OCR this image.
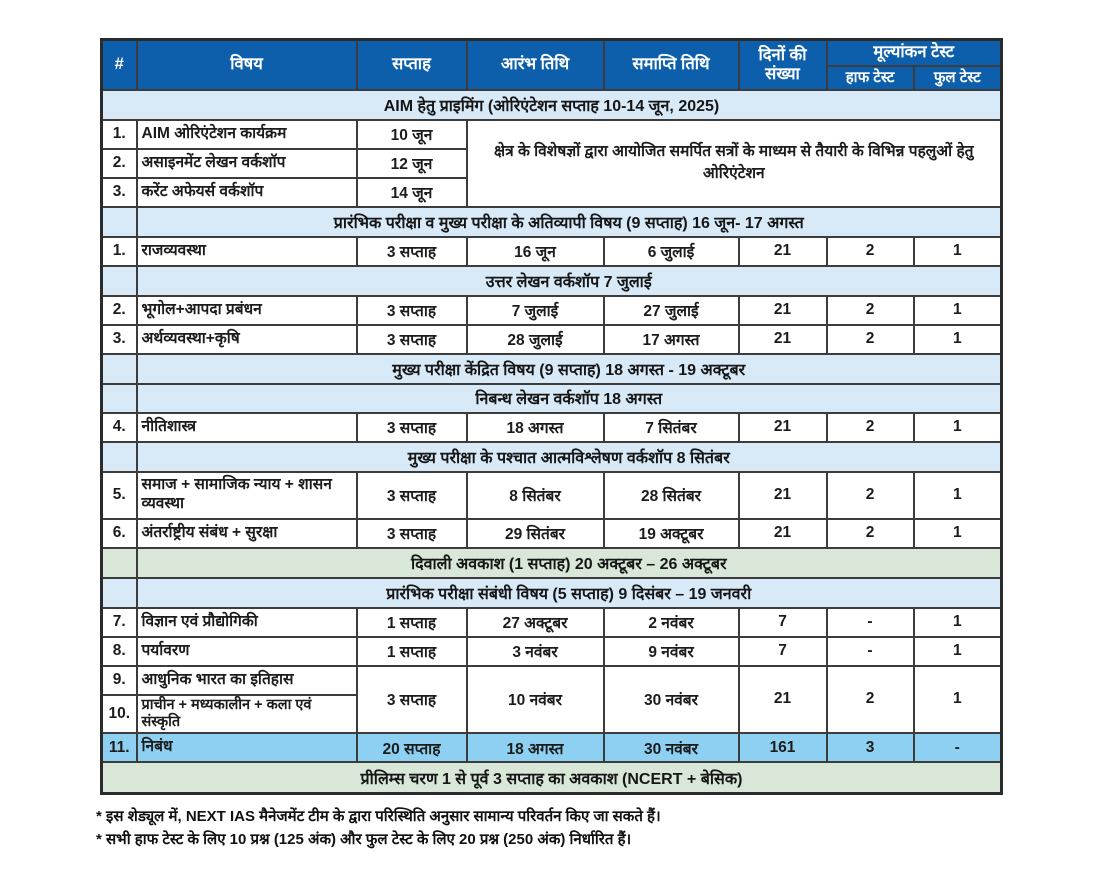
#	विषय	सप्ताह	आरंभ तिथि	समाप्ति तिथि	दिनों की संख्या	मूल्यांकन टेस्ट	
						हाफ टेस्ट	फुल टेस्ट
AIM हेतु प्राइमिंग (ओरिएंटेशन सप्ताह 10-14 जून, 2025)							
1.	AIM ओरिएंटेशन कार्यक्रम	10 जून	क्षेत्र के विशेषज्ञों द्वारा आयोजित समर्पित सत्रों के माध्यम से तैयारी के विभिन्न पहलुओं हेतु ओरिएंटेशन				
2.	असाइनमेंट लेखन वर्कशॉप	12 जून					
3.	करेंट अफेयर्स वर्कशॉप	14 जून					
	प्रारंभिक परीक्षा व मुख्य परीक्षा के अतिव्यापी विषय (9 सप्ताह) 16 जून- 17 अगस्त						
1.	राजव्यवस्था	3 सप्ताह	16 जून	6 जुलाई	21	2	1
	उत्तर लेखन वर्कशॉप 7 जुलाई						
2.	भूगोल+आपदा प्रबंधन	3 सप्ताह	7 जुलाई	27 जुलाई	21	2	1
3.	अर्थव्यवस्था+कृषि	3 सप्ताह	28 जुलाई	17 अगस्त	21	2	1
	मुख्य परीक्षा केंद्रित विषय (9 सप्ताह) 18 अगस्त - 19 अक्टूबर						
	निबन्ध लेखन वर्कशॉप 18 अगस्त						
4.	नीतिशास्त्र	3 सप्ताह	18 अगस्त	7 सितंबर	21	2	1
	मुख्य परीक्षा के पश्चात आत्मविश्लेषण वर्कशॉप 8 सितंबर						
5.	समाज + सामाजिक न्याय + शासन व्यवस्था	3 सप्ताह	8 सितंबर	28 सितंबर	21	2	1
6.	अंतर्राष्ट्रीय संबंध + सुरक्षा	3 सप्ताह	29 सितंबर	19 अक्टूबर	21	2	1
	दिवाली अवकाश (1 सप्ताह) 20 अक्टूबर – 26 अक्टूबर						
	प्रारंभिक परीक्षा संबंधी विषय (5 सप्ताह) 9 दिसंबर – 19 जनवरी						
7.	विज्ञान एवं प्रौद्योगिकी	1 सप्ताह	27 अक्टूबर	2 नवंबर	7	-	1
8.	पर्यावरण	1 सप्ताह	3 नवंबर	9 नवंबर	7	-	1
9.	आधुनिक भारत का इतिहास	3 सप्ताह	10 नवंबर	30 नवंबर	21	2	1
10.	प्राचीन + मध्यकालीन + कला एवं संस्कृति						
11.	निबंध	20 सप्ताह	18 अगस्त	30 नवंबर	161	3	-
प्रीलिम्स चरण 1 से पूर्व 3 सप्ताह का अवकाश (NCERT + बेसिक)							
* इस शेड्यूल में, NEXT IAS मैनेजमेंट टीम के द्वारा परिस्थिति अनुसार सामान्य परिवर्तन किए जा सकते हैं।
* सभी हाफ टेस्ट के लिए 10 प्रश्न (125 अंक) और फुल टेस्ट के लिए 20 प्रश्न (250 अंक) निर्धारित हैं।
